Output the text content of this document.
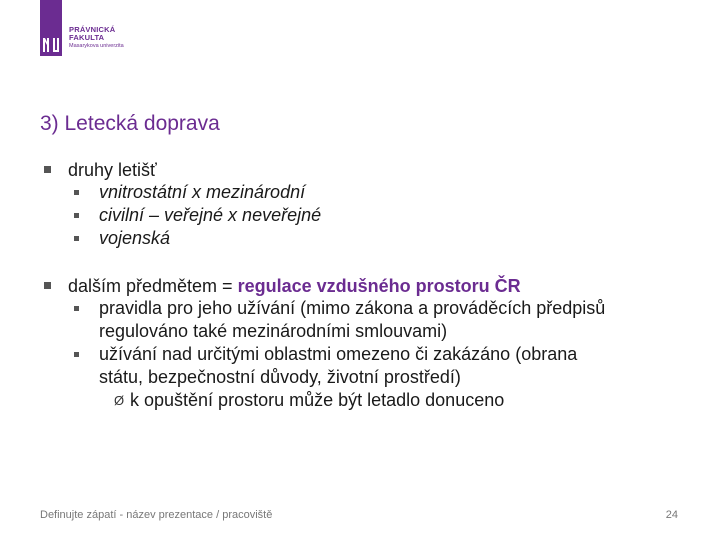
PRÁVNICKÁ
FAKULTA
Masarykova univerzita
3) Letecká doprava
druhy letišť
vnitrostátní x mezinárodní
civilní – veřejné x neveřejné
vojenská
dalším předmětem = regulace vzdušného prostoru ČR
pravidla pro jeho užívání (mimo zákona a prováděcích předpisů
regulováno také mezinárodními smlouvami)
užívání nad určitými oblastmi omezeno či zakázáno (obrana
státu, bezpečnostní důvody, životní prostředí)
Ø k opuštění prostoru může být letadlo donuceno
Definujte zápatí - název prezentace / pracoviště	24
